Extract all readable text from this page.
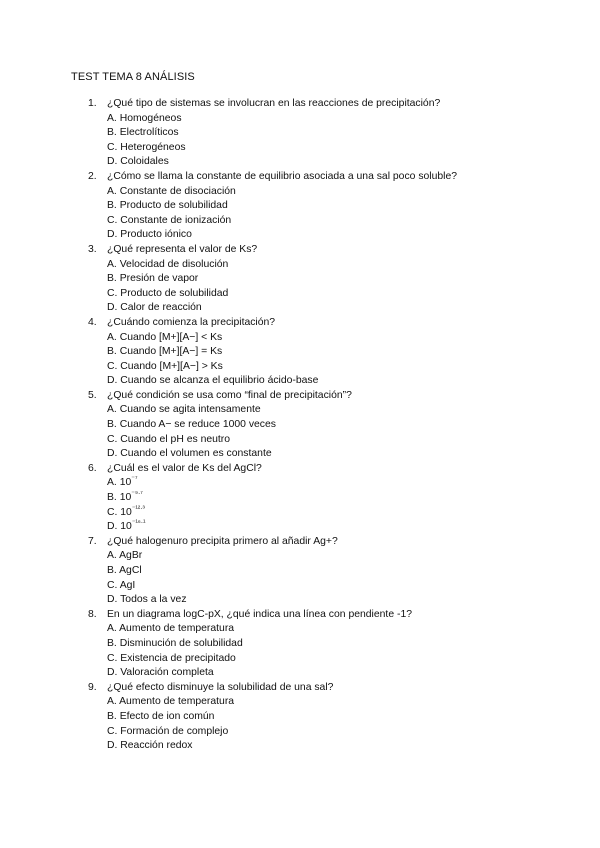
TEST TEMA 8 ANÁLISIS
1. ¿Qué tipo de sistemas se involucran en las reacciones de precipitación?
A. Homogéneos
B. Electrolíticos
C. Heterogéneos
D. Coloidales
2. ¿Cómo se llama la constante de equilibrio asociada a una sal poco soluble?
A. Constante de disociación
B. Producto de solubilidad
C. Constante de ionización
D. Producto iónico
3. ¿Qué representa el valor de Ks?
A. Velocidad de disolución
B. Presión de vapor
C. Producto de solubilidad
D. Calor de reacción
4. ¿Cuándo comienza la precipitación?
A. Cuando [M+][A−] < Ks
B. Cuando [M+][A−] = Ks
C. Cuando [M+][A−] > Ks
D. Cuando se alcanza el equilibrio ácido-base
5. ¿Qué condición se usa como “final de precipitación”?
A. Cuando se agita intensamente
B. Cuando A− se reduce 1000 veces
C. Cuando el pH es neutro
D. Cuando el volumen es constante
6. ¿Cuál es el valor de Ks del AgCl?
A. $10^{^{-7}}$
B. $10^{^{-9}\cdot^7}$
C. $10^{^{-12}\cdot^3}$
D. $10^{^{-16}\cdot^1}$
7. ¿Qué halogenuro precipita primero al añadir Ag+?
A. AgBr
B. AgCl
C. AgI
D. Todos a la vez
8. En un diagrama logC-pX, ¿qué indica una línea con pendiente -1?
A. Aumento de temperatura
B. Disminución de solubilidad
C. Existencia de precipitado
D. Valoración completa
9. ¿Qué efecto disminuye la solubilidad de una sal?
A. Aumento de temperatura
B. Efecto de ion común
C. Formación de complejo
D. Reacción redox
